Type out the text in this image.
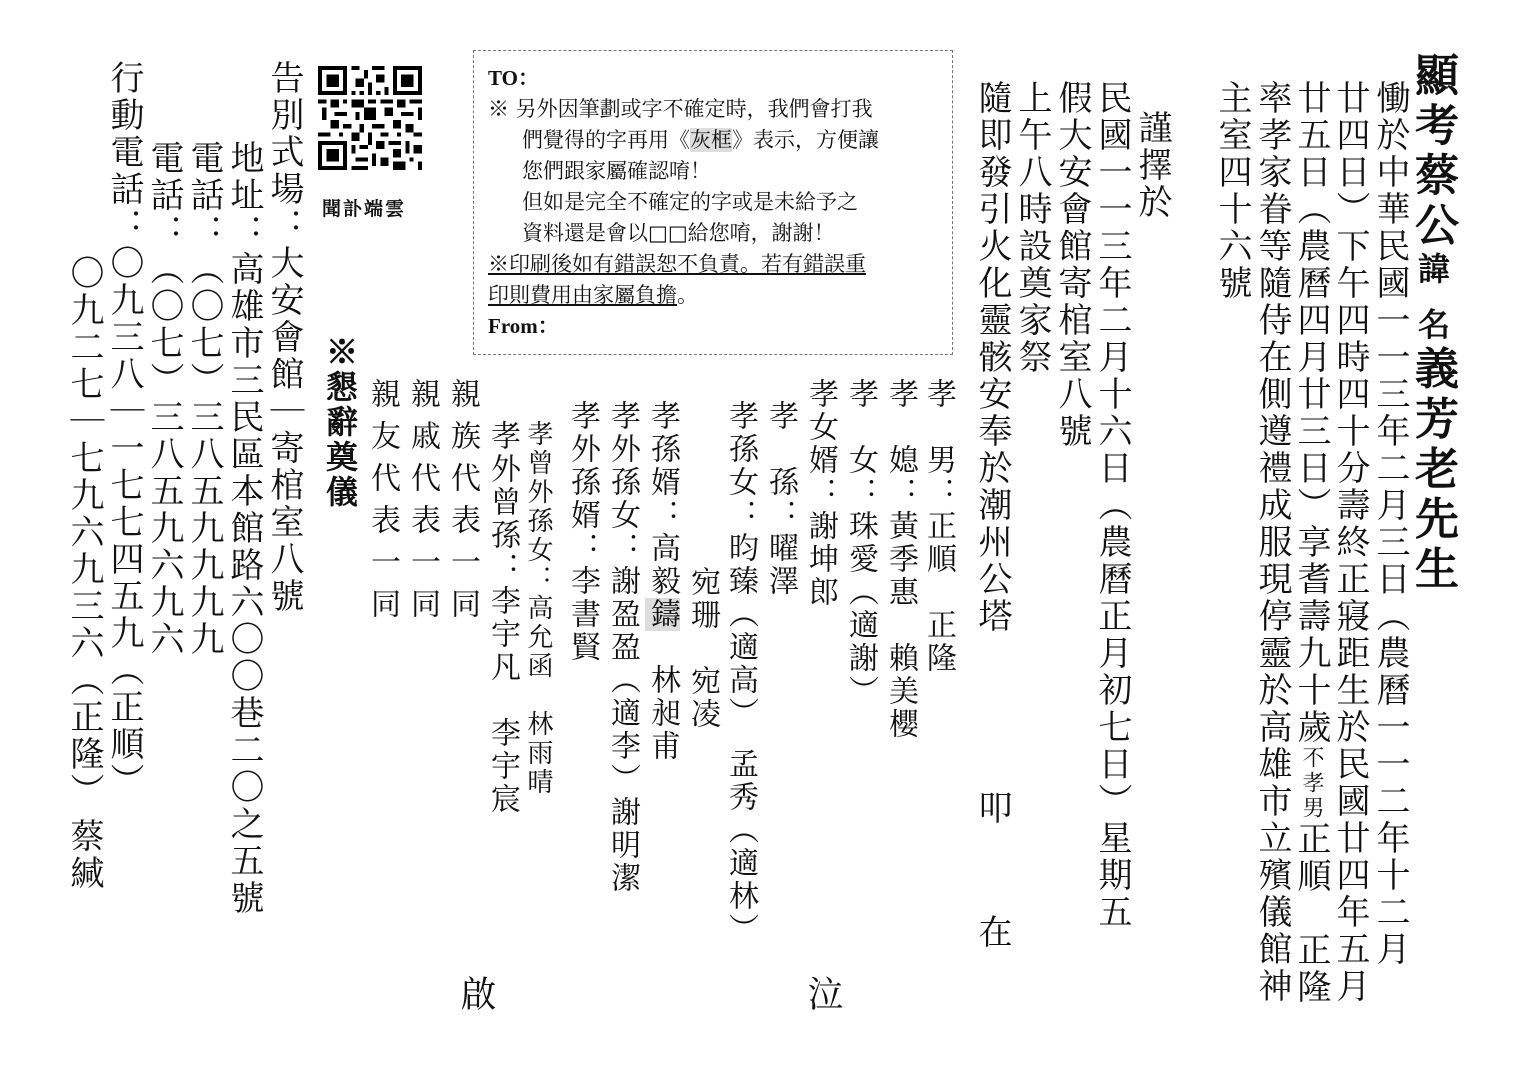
顯考蔡公諱 名義芳老先生
慟於中華民國一一三年二月三日（農曆一一二年十二月
廿四日）下午四時四十分壽終正寢距生於民國廿四年五月
廿五日（農曆四月廿三日）享耆壽九十歲不孝男正順　正隆
率孝家眷等隨侍在側遵禮成服現停靈於高雄市立殯儀館神
主室四十六號
謹擇於
民國一一三年二月十六日（農曆正月初七日）星期五
假大安會館寄棺室八號
上午八時設奠家祭
隨即發引火化靈骸安奉於潮州公塔
叩　在
孝　男：正順　正隆
孝　媳：黃季惠　賴美櫻
孝　女：珠愛（適謝）
孝女婿：謝坤郎
孝　孫：曜澤
孝孫女：昀臻（適高）　孟秀（適林）
宛珊　宛凌
孝孫婿：高毅鑄　林昶甫
孝外孫女：謝盈盈（適李）謝明潔
孝外孫婿：李書賢
孝曾外孫女：高允函　林雨晴
孝外曾孫：李宇凡　李宇宸
親族代表一同
親戚代表一同
親友代表一同
泣
啟
※懇辭奠儀
告別式場：大安會館｜寄棺室八號
地址：高雄市三民區本館路六〇〇巷二〇之五號
電話：（〇七）三八五九九九九
電話：（〇七）三八五九六九六
行動電話：〇九三八｜一七七四五九（正順）
〇九二七｜七九六九三六（正隆）
蔡緘
聞訃端雲

TO：

※ 另外因筆劃或字不確定時，我們會打我

們覺得的字再用《灰框》表示，方便讓

您們跟家屬確認唷！

但如是完全不確定的字或是未給予之

資料還是會以□□給您唷，謝謝！

※印刷後如有錯誤恕不負責。若有錯誤重

印則費用由家屬負擔。

From：
